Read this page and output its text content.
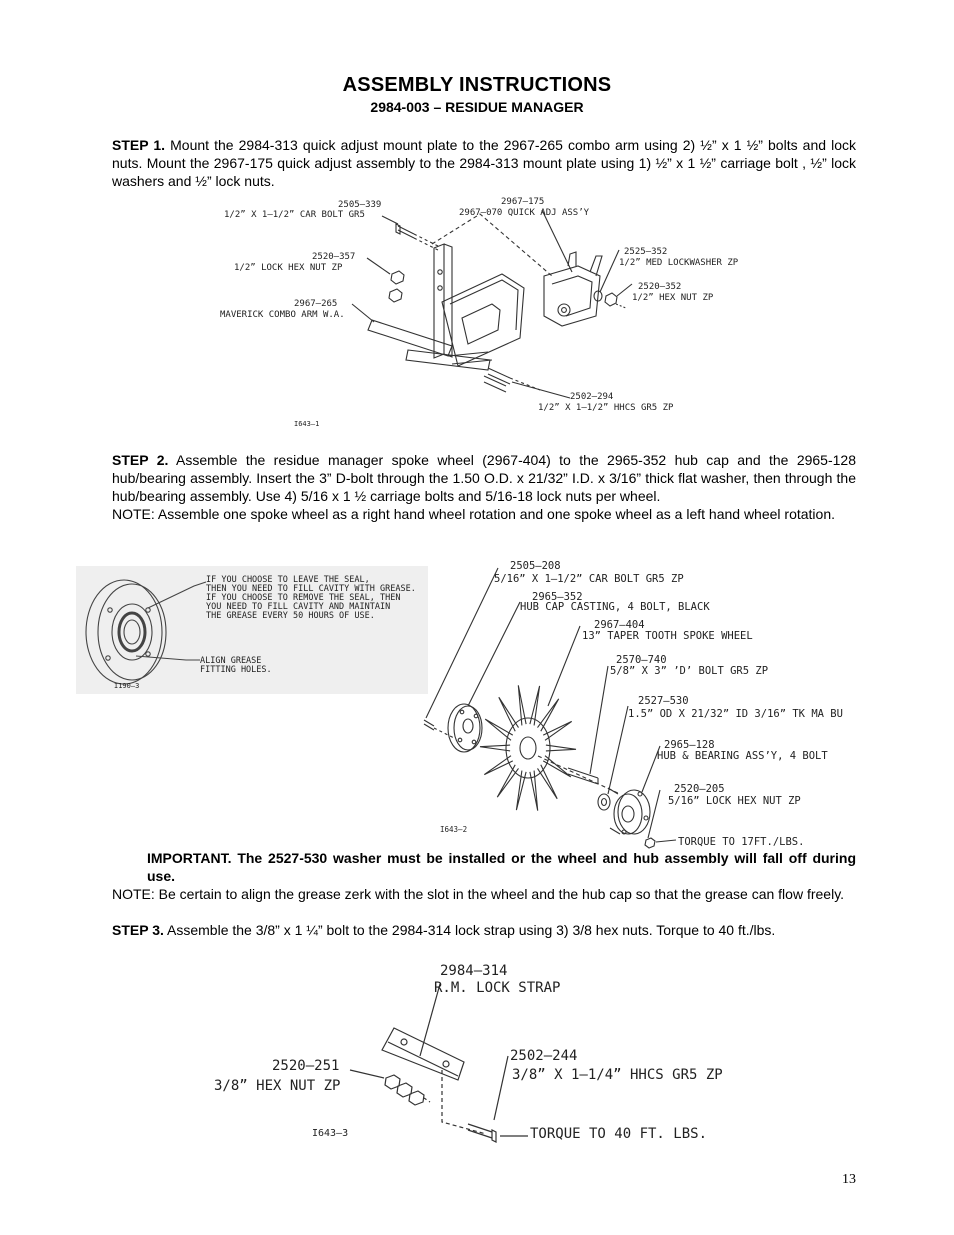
ASSEMBLY INSTRUCTIONS
2984-003 – RESIDUE MANAGER
STEP 1. Mount the 2984-313 quick adjust mount plate to the 2967-265 combo arm using 2) ½” x 1 ½” bolts and lock nuts. Mount the 2967-175 quick adjust assembly to the 2984-313 mount plate using 1) ½” x 1 ½” carriage bolt , ½” lock washers and ½” lock nuts.
2505–339
1/2” X 1–1/2” CAR BOLT GR5
2967–175
2967–070 QUICK ADJ ASS’Y
2520–357
1/2” LOCK HEX NUT ZP
2525–352
1/2” MED LOCKWASHER ZP
2520–352
1/2” HEX NUT ZP
2967–265
MAVERICK COMBO ARM W.A.
2502–294
1/2” X 1–1/2” HHCS GR5 ZP
I643–1
STEP 2. Assemble the residue manager spoke wheel (2967-404) to the 2965-352 hub cap and the 2965-128 hub/bearing assembly. Insert the 3” D-bolt through the 1.50 O.D. x 21/32” I.D. x 3/16” thick flat washer, then through the hub/bearing assembly. Use 4) 5/16 x 1 ½ carriage bolts and 5/16-18 lock nuts per wheel.
NOTE: Assemble one spoke wheel as a right hand wheel rotation and one spoke wheel as a left hand wheel rotation.
IF YOU CHOOSE TO LEAVE THE SEAL,
THEN YOU NEED TO FILL CAVITY WITH GREASE.
IF YOU CHOOSE TO REMOVE THE SEAL, THEN
YOU NEED TO FILL CAVITY AND MAINTAIN
THE GREASE EVERY 50 HOURS OF USE.
ALIGN GREASE
FITTING HOLES.
I190–3
2505–208
5/16” X 1–1/2” CAR BOLT GR5 ZP
2965–352
HUB CAP CASTING, 4 BOLT, BLACK
2967–404
13” TAPER TOOTH SPOKE WHEEL
2570–740
5/8” X 3” ’D’ BOLT GR5 ZP
2527–530
1.5” OD X 21/32” ID 3/16” TK MA BU
2965–128
HUB & BEARING ASS’Y, 4 BOLT
2520–205
5/16” LOCK HEX NUT ZP
TORQUE TO 17FT./LBS.
I643–2
IMPORTANT. The 2527-530 washer must be installed or the wheel and hub assembly will fall off during use.
NOTE: Be certain to align the grease zerk with the slot in the wheel and the hub cap so that the grease can flow freely.
STEP 3. Assemble the 3/8” x 1 ¼” bolt to the 2984-314 lock strap using 3) 3/8 hex nuts. Torque to 40 ft./lbs.
2984–314
R.M. LOCK STRAP
2520–251
3/8” HEX NUT ZP
2502–244
3/8” X 1–1/4” HHCS GR5 ZP
TORQUE TO 40 FT. LBS.
I643–3
13
